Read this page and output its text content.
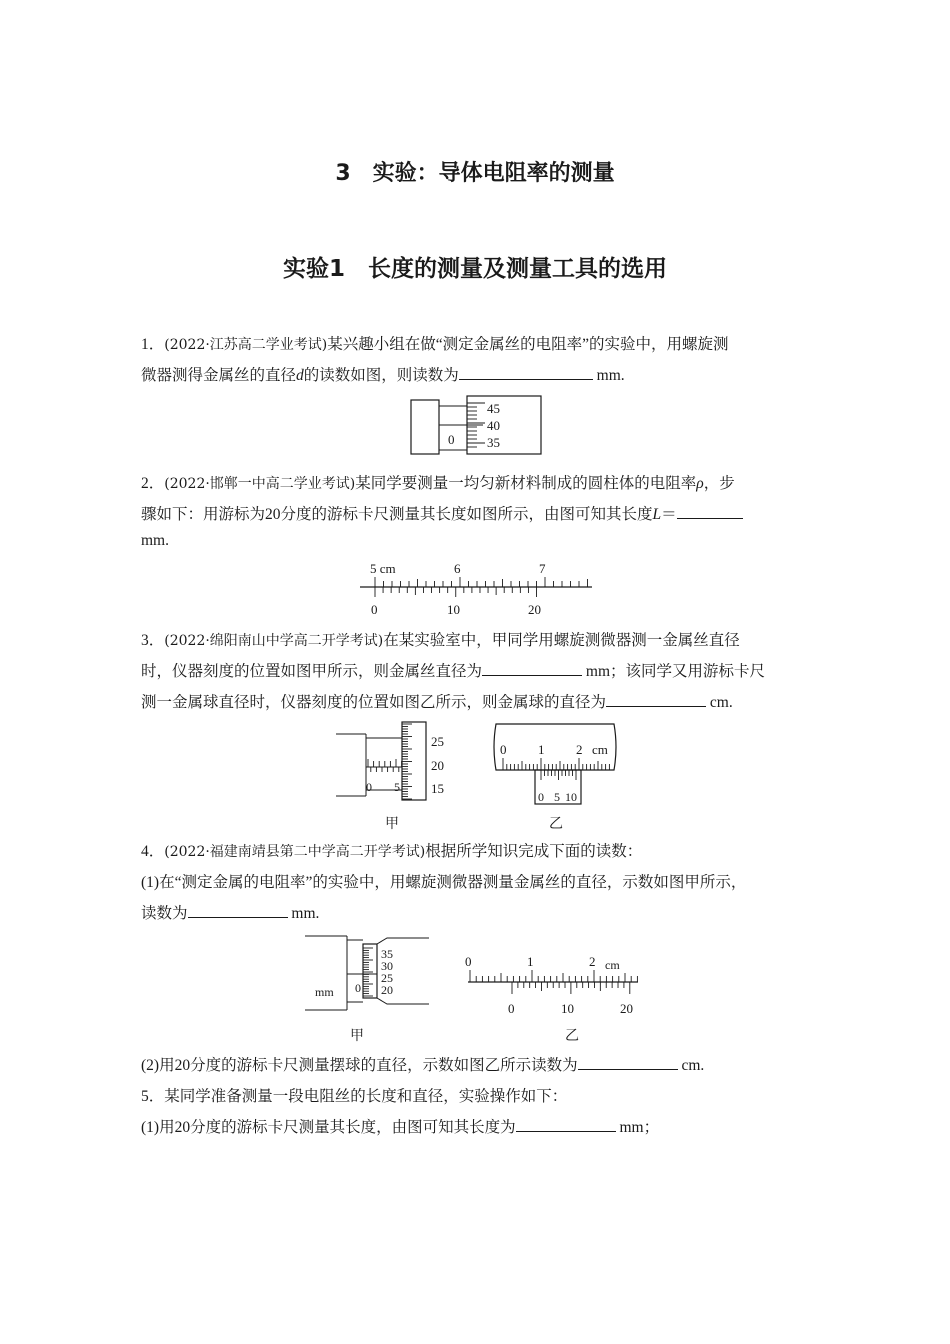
3　实验：导体电阻率的测量
实验1　长度的测量及测量工具的选用
1．(2022·江苏高二学业考试)某兴趣小组在做“测定金属丝的电阻率”的实验中，用螺旋测
微器测得金属丝的直径d的读数如图，则读数为	mm.
45
40
35
0
2．(2022·邯郸一中高二学业考试)某同学要测量一均匀新材料制成的圆柱体的电阻率ρ，步
骤如下：用游标为20分度的游标卡尺测量其长度如图所示，由图可知其长度L＝
mm.
5 cm	6	7
0	10	20
3．(2022·绵阳南山中学高二开学考试)在某实验室中，甲同学用螺旋测微器测一金属丝直径
时，仪器刻度的位置如图甲所示，则金属丝直径为	mm；该同学又用游标卡尺
测一金属球直径时，仪器刻度的位置如图乙所示，则金属球的直径为	cm.
25
20
15
0 5
甲
0 1 2 cm
0 5 10
乙
4．(2022·福建南靖县第二中学高二开学考试)根据所学知识完成下面的读数：
(1)在“测定金属的电阻率”的实验中，用螺旋测微器测量金属丝的直径，示数如图甲所示，
读数为	mm.
35
30
25
20
0
mm
甲
0	1	2 cm
0	10	20
乙
(2)用20分度的游标卡尺测量摆球的直径，示数如图乙所示读数为	cm.
5．某同学准备测量一段电阻丝的长度和直径，实验操作如下：
(1)用20分度的游标卡尺测量其长度，由图可知其长度为	mm；
